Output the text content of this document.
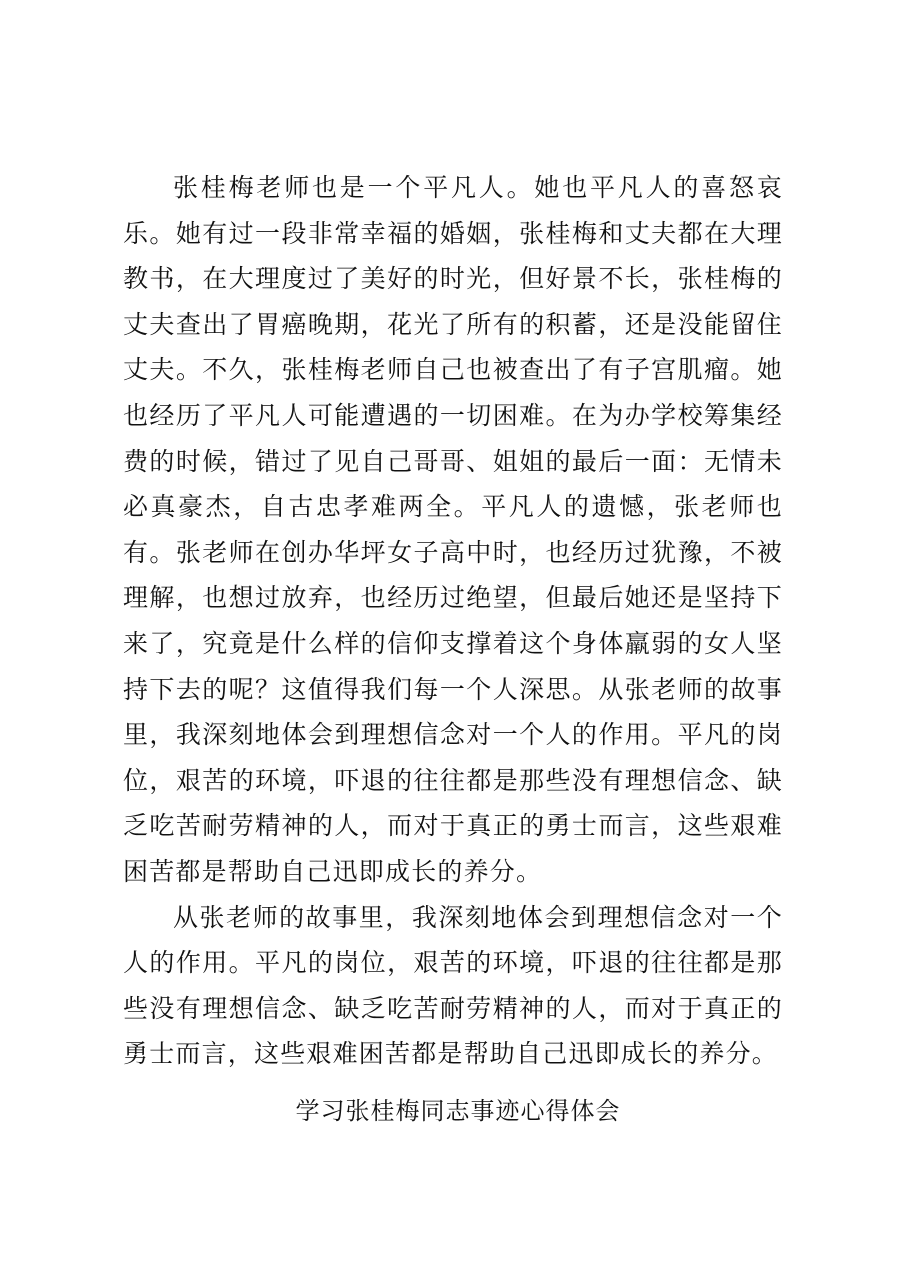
张桂梅老师也是一个平凡人。她也平凡人的喜怒哀乐。她有过一段非常幸福的婚姻，张桂梅和丈夫都在大理教书，在大理度过了美好的时光，但好景不长，张桂梅的丈夫查出了胃癌晚期，花光了所有的积蓄，还是没能留住丈夫。不久，张桂梅老师自己也被查出了有子宫肌瘤。她也经历了平凡人可能遭遇的一切困难。在为办学校筹集经费的时候，错过了见自己哥哥、姐姐的最后一面：无情未必真豪杰，自古忠孝难两全。平凡人的遗憾，张老师也有。张老师在创办华坪女子高中时，也经历过犹豫，不被理解，也想过放弃，也经历过绝望，但最后她还是坚持下来了，究竟是什么样的信仰支撑着这个身体羸弱的女人坚持下去的呢？这值得我们每一个人深思。从张老师的故事里，我深刻地体会到理想信念对一个人的作用。平凡的岗位，艰苦的环境，吓退的往往都是那些没有理想信念、缺乏吃苦耐劳精神的人，而对于真正的勇士而言，这些艰难困苦都是帮助自己迅即成长的养分。

从张老师的故事里，我深刻地体会到理想信念对一个人的作用。平凡的岗位，艰苦的环境，吓退的往往都是那些没有理想信念、缺乏吃苦耐劳精神的人，而对于真正的勇士而言，这些艰难困苦都是帮助自己迅即成长的养分。

学习张桂梅同志事迹心得体会
